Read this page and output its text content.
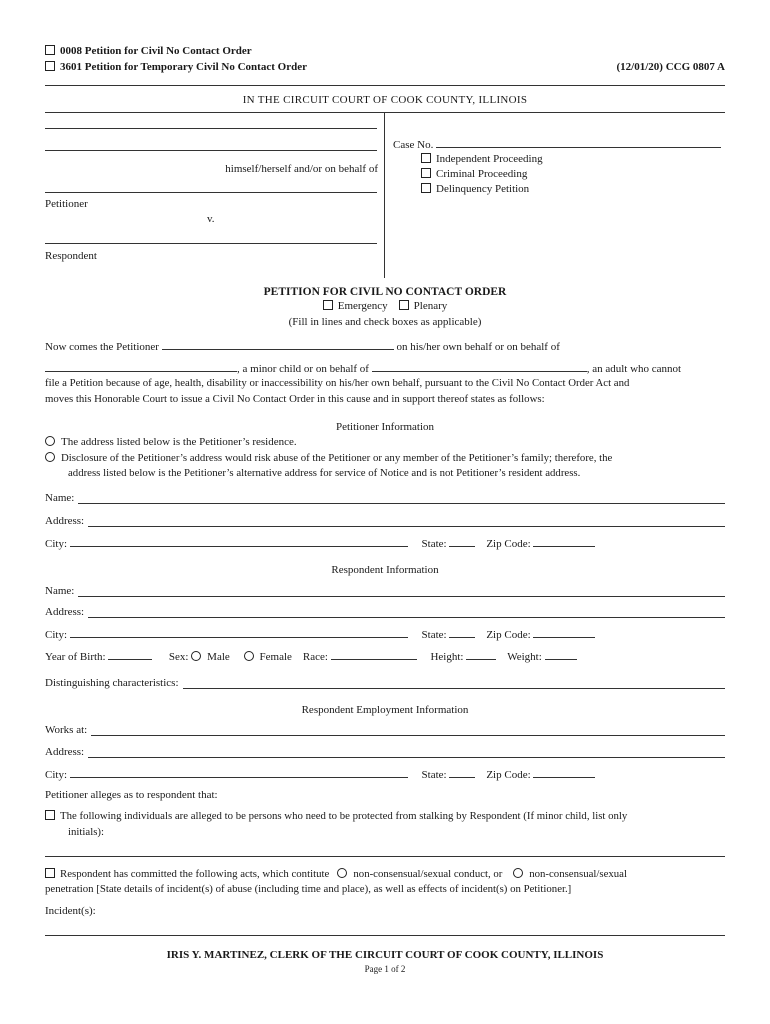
0008 Petition for Civil No Contact Order
3601 Petition for Temporary Civil No Contact Order	(12/01/20) CCG 0807 A
IN THE CIRCUIT COURT OF COOK COUNTY, ILLINOIS
himself/herself and/or on behalf of
Petitioner
v.
Respondent
Case No.
Independent Proceeding
Criminal Proceeding
Delinquency Petition
PETITION FOR CIVIL NO CONTACT ORDER
Emergency Plenary
(Fill in lines and check boxes as applicable)
Now comes the Petitioner	on his/her own behalf or on behalf of
, a minor child or on behalf of	, an adult who cannot
file a Petition because of age, health, disability or inaccessibility on his/her own behalf, pursuant to the Civil No Contact Order Act and
moves this Honorable Court to issue a Civil No Contact Order in this cause and in support thereof states as follows:
Petitioner Information
The address listed below is the Petitioner’s residence.
Disclosure of the Petitioner’s address would risk abuse of the Petitioner or any member of the Petitioner’s family; therefore, the
address listed below is the Petitioner’s alternative address for service of Notice and is not Petitioner’s resident address.
Name:
Address:
City:	State:	Zip Code:
Respondent Information
Name:
Address:
City:	State:	Zip Code:
Year of Birth:	Sex: Male	Female Race:	Height:	Weight:
Distinguishing characteristics:
Respondent Employment Information
Works at:
Address:
City:	State:	Zip Code:
Petitioner alleges as to respondent that:
The following individuals are alleged to be persons who need to be protected from stalking by Respondent (If minor child, list only
initials):
Respondent has committed the following acts, which contitute non-consensual/sexual conduct, or non-consensual/sexual
penetration [State details of incident(s) of abuse (including time and place), as well as effects of incident(s) on Petitioner.]
Incident(s):
IRIS Y. MARTINEZ, CLERK OF THE CIRCUIT COURT OF COOK COUNTY, ILLINOIS
Page 1 of 2
